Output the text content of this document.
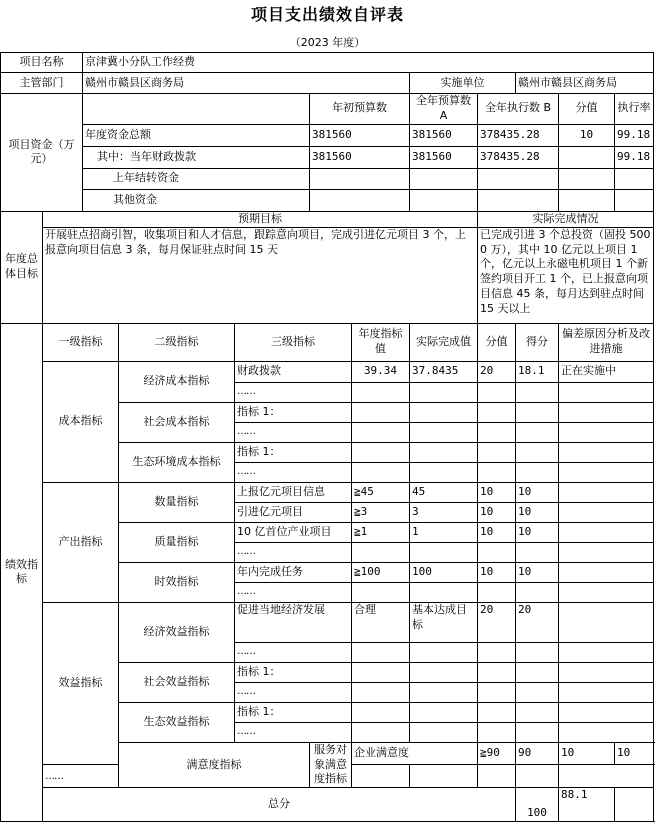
项目支出绩效自评表
（2023 年度）
项目名称		京津冀小分队工作经费										
主管部门		赣州市赣县区商务局					实施单位		赣州市赣县区商务局			
项目资金（万元）					年初预算数		全年预算数 A	全年执行数 B		分值	执行率	
		年度资金总额			381560		381560	378435.28		10	99.18	
		其中：当年财政拨款			381560		381560	378435.28			99.18	
		上年结转资金										
		其他资金										
年度总体目标	预期目标							实际完成情况				
	开展驻点招商引智，收集项目和人才信息，跟踪意向项目，完成引进亿元项目 3 个，上报意向项目信息 3 条，每月保证驻点时间 15 天							已完成引进 3 个总投资（固投 5000 万），其中 10 亿元以上项目 1 个，亿元以上永磁电机项目 1 个新签约项目开工 1 个，已上报意向项目信息 45 条，每月达到驻点时间 15 天以上				
绩效指标	一级指标		二级指标	三级指标		年度指标值	实际完成值	分值	得分	偏差原因分析及改进措施		
	成本指标		经济成本指标	财政拨款		39.34	37.8435	20	18.1	正在实施中		
				……								
			社会成本指标	指标 1：								
				……								
			生态环境成本指标	指标 1：								
				……								
	产出指标		数量指标	上报亿元项目信息		≧45	45	10	10			
				引进亿元项目		≧3	3	10	10			
			质量指标	10 亿首位产业项目		≧1	1	10	10			
				……								
			时效指标	年内完成任务		≧100	100	10	10			
				……								
	效益指标		经济效益指标	促进当地经济发展		合理	基本达成目标	20	20			
				……								
			社会效益指标	指标 1：								
				……								
			生态效益指标	指标 1：								
				……								
			满意度指标		服务对象满意度指标	企业满意度		≧90	90	10	10	
	……											
	总分								100	88.1		
